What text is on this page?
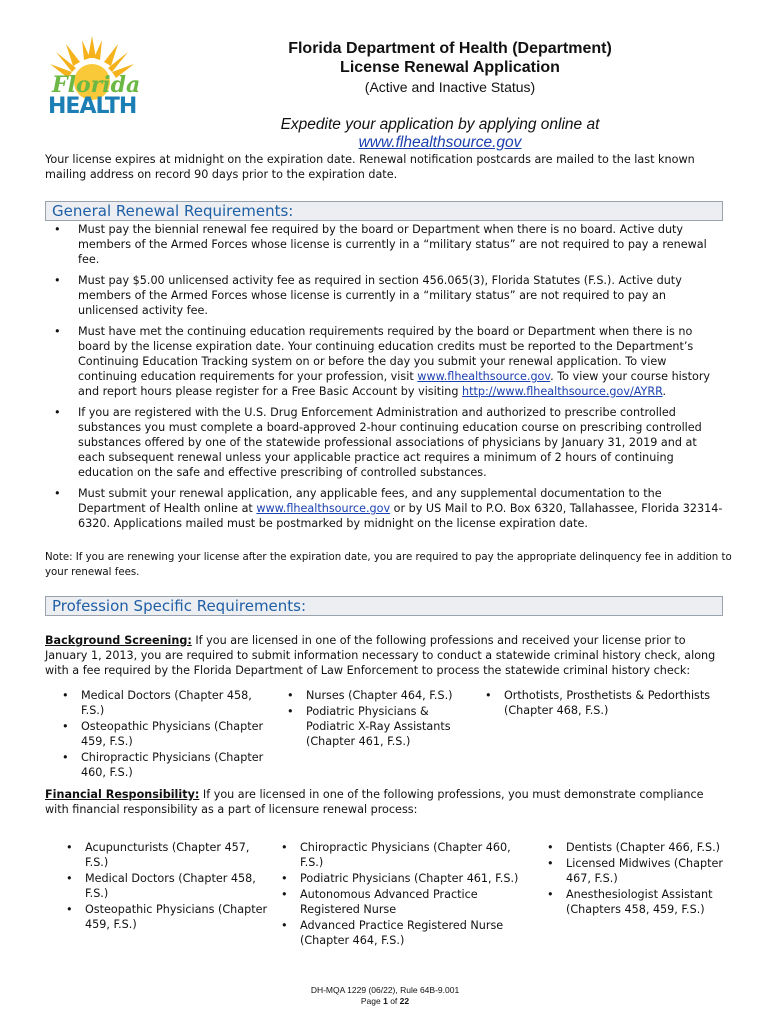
Florida
HEALTH
Florida Department of Health (Department)
License Renewal Application
(Active and Inactive Status)
Expedite your application by applying online at www.flhealthsource.gov
Your license expires at midnight on the expiration date. Renewal notification postcards are mailed to the last known mailing address on record 90 days prior to the expiration date.
General Renewal Requirements:
• Must pay the biennial renewal fee required by the board or Department when there is no board. Active duty members of the Armed Forces whose license is currently in a “military status” are not required to pay a renewal fee.
• Must pay $5.00 unlicensed activity fee as required in section 456.065(3), Florida Statutes (F.S.). Active duty members of the Armed Forces whose license is currently in a “military status” are not required to pay an unlicensed activity fee.
• Must have met the continuing education requirements required by the board or Department when there is no board by the license expiration date. Your continuing education credits must be reported to the Department’s Continuing Education Tracking system on or before the day you submit your renewal application. To view continuing education requirements for your profession, visit www.flhealthsource.gov. To view your course history and report hours please register for a Free Basic Account by visiting http://www.flhealthsource.gov/AYRR.
• If you are registered with the U.S. Drug Enforcement Administration and authorized to prescribe controlled substances you must complete a board-approved 2-hour continuing education course on prescribing controlled substances offered by one of the statewide professional associations of physicians by January 31, 2019 and at each subsequent renewal unless your applicable practice act requires a minimum of 2 hours of continuing education on the safe and effective prescribing of controlled substances.
• Must submit your renewal application, any applicable fees, and any supplemental documentation to the Department of Health online at www.flhealthsource.gov or by US Mail to P.O. Box 6320, Tallahassee, Florida 32314-6320. Applications mailed must be postmarked by midnight on the license expiration date.
Note: If you are renewing your license after the expiration date, you are required to pay the appropriate delinquency fee in addition to your renewal fees.
Profession Specific Requirements:
Background Screening: If you are licensed in one of the following professions and received your license prior to January 1, 2013, you are required to submit information necessary to conduct a statewide criminal history check, along with a fee required by the Florida Department of Law Enforcement to process the statewide criminal history check:
• Medical Doctors (Chapter 458, F.S.)
• Osteopathic Physicians (Chapter 459, F.S.)
• Chiropractic Physicians (Chapter 460, F.S.)
• Nurses (Chapter 464, F.S.)
• Podiatric Physicians & Podiatric X-Ray Assistants (Chapter 461, F.S.)
• Orthotists, Prosthetists & Pedorthists (Chapter 468, F.S.)
Financial Responsibility: If you are licensed in one of the following professions, you must demonstrate compliance with financial responsibility as a part of licensure renewal process:
• Acupuncturists (Chapter 457, F.S.)
• Medical Doctors (Chapter 458, F.S.)
• Osteopathic Physicians (Chapter 459, F.S.)
• Chiropractic Physicians (Chapter 460, F.S.)
• Podiatric Physicians (Chapter 461, F.S.)
• Autonomous Advanced Practice Registered Nurse
• Advanced Practice Registered Nurse (Chapter 464, F.S.)
• Dentists (Chapter 466, F.S.)
• Licensed Midwives (Chapter 467, F.S.)
• Anesthesiologist Assistant (Chapters 458, 459, F.S.)
DH-MQA 1229 (06/22), Rule 64B-9.001
Page 1 of 22
